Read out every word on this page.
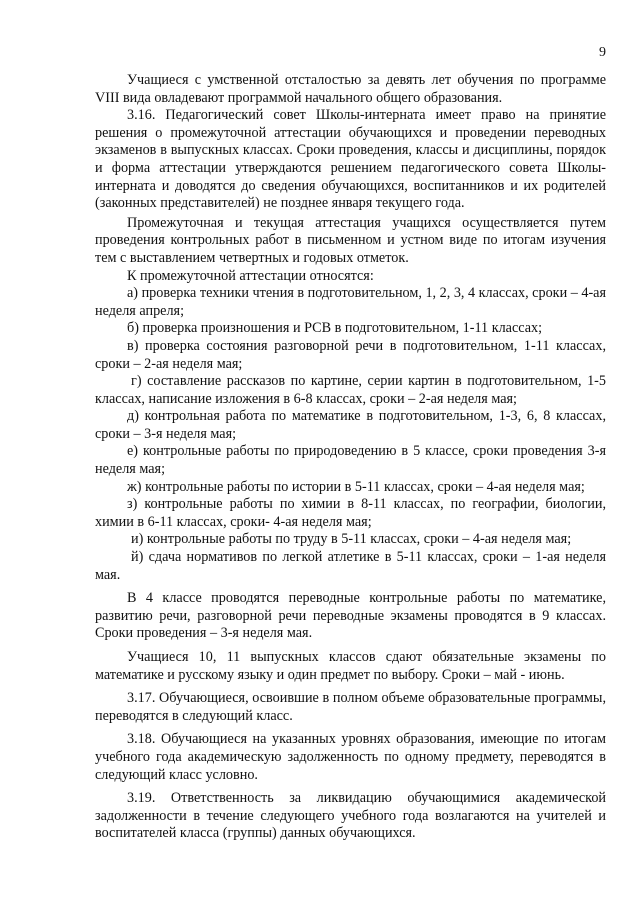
9

Учащиеся с умственной отсталостью за девять лет обучения по программе VIII вида овладевают программой начального общего образования.

3.16. Педагогический совет Школы-интерната имеет право на принятие решения о промежуточной аттестации обучающихся и проведении переводных экзаменов в выпускных классах. Сроки проведения, классы и дисциплины, порядок и форма аттестации утверждаются решением педагогического совета Школы-интерната и доводятся до сведения обучающихся, воспитанников и их родителей (законных представителей) не позднее января текущего года.

Промежуточная и текущая аттестация учащихся осуществляется путем проведения контрольных работ в письменном и устном виде по итогам изучения тем с выставлением четвертных и годовых отметок.

К промежуточной аттестации относятся:

а) проверка техники чтения в подготовительном, 1, 2, 3, 4 классах, сроки – 4-ая неделя апреля;

б) проверка произношения и РСВ в подготовительном, 1-11 классах;

в) проверка состояния разговорной речи в подготовительном, 1-11 классах, сроки – 2-ая неделя мая;

г) составление рассказов по картине, серии картин в подготовительном, 1-5 классах, написание изложения в 6-8 классах, сроки – 2-ая неделя мая;

д) контрольная работа по математике в подготовительном, 1-3, 6, 8 классах, сроки – 3-я неделя мая;

е) контрольные работы по природоведению в 5 классе, сроки проведения 3-я неделя мая;

ж) контрольные работы по истории в 5-11 классах, сроки – 4-ая неделя мая;

з) контрольные работы по химии в 8-11 классах, по географии, биологии, химии в 6-11 классах, сроки- 4-ая неделя мая;

и) контрольные работы по труду в 5-11 классах, сроки – 4-ая неделя мая;

й) сдача нормативов по легкой атлетике в 5-11 классах, сроки – 1-ая неделя мая.

В 4 классе проводятся переводные контрольные работы по математике, развитию речи, разговорной речи переводные экзамены проводятся в 9 классах. Сроки проведения – 3-я неделя мая.

Учащиеся 10, 11 выпускных классов сдают обязательные экзамены по математике и русскому языку и один предмет по выбору. Сроки – май - июнь.

3.17. Обучающиеся, освоившие в полном объеме образовательные программы, переводятся в следующий класс.

3.18. Обучающиеся на указанных уровнях образования, имеющие по итогам учебного года академическую задолженность по одному предмету, переводятся в следующий класс условно.

3.19. Ответственность за ликвидацию обучающимися академической задолженности в течение следующего учебного года возлагаются на учителей и воспитателей класса (группы) данных обучающихся.
